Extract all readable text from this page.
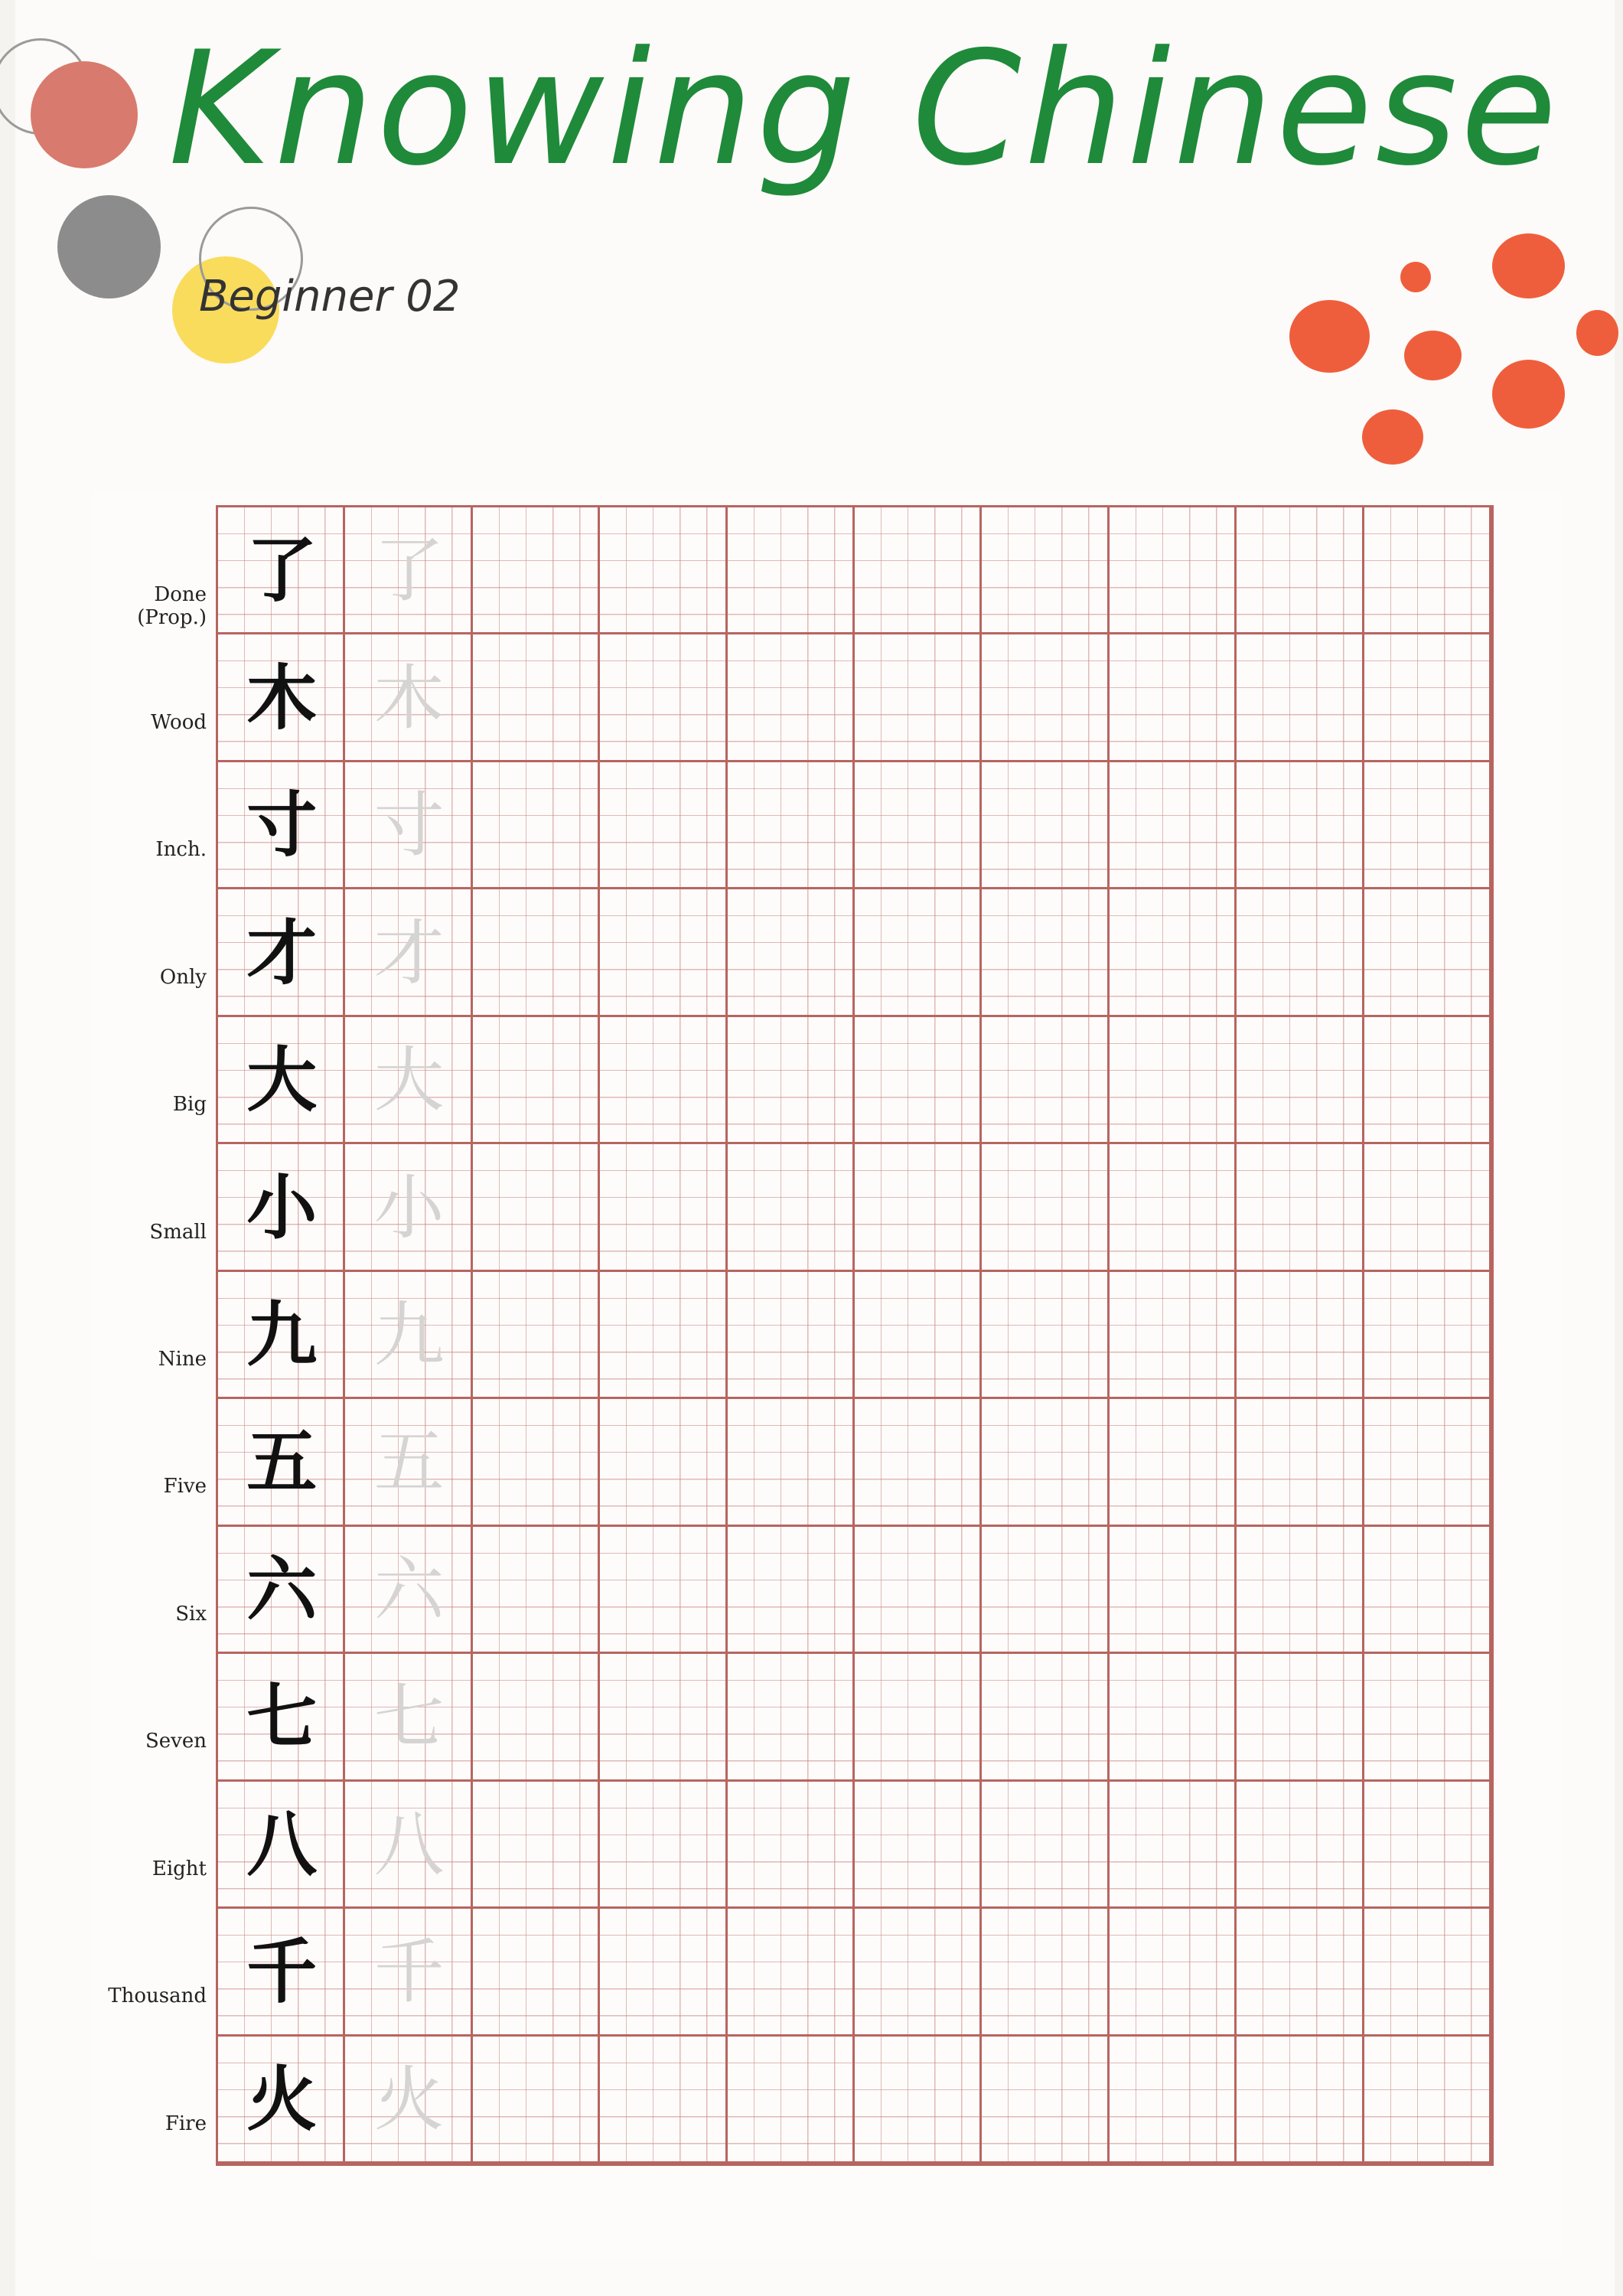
Knowing Chinese
Beginner 02
Done (Prop.)
Wood
Inch.
Only
Big
Small
Nine
Five
Six
Seven
Eight
Thousand
Fire
了 了
木 木
寸 寸
才 才
大 大
小 小
九 九
五 五
六 六
七 七
八 八
千 千
火 火
